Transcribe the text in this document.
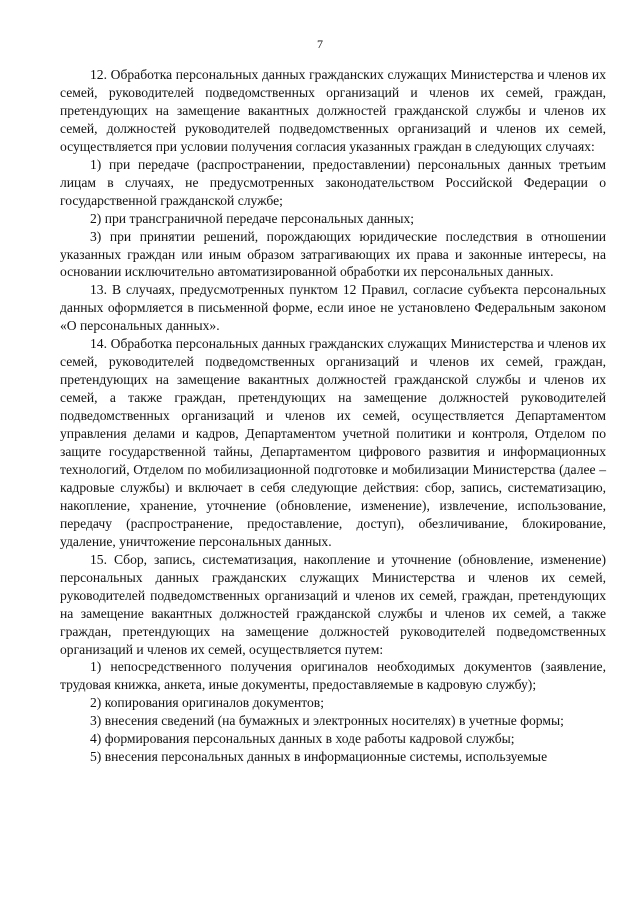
7

12. Обработка персональных данных гражданских служащих Министерства и членов их семей, руководителей подведомственных организаций и членов их семей, граждан, претендующих на замещение вакантных должностей гражданской службы и членов их семей, должностей руководителей подведомственных организаций и членов их семей, осуществляется при условии получения согласия указанных граждан в следующих случаях:

1) при передаче (распространении, предоставлении) персональных данных третьим лицам в случаях, не предусмотренных законодательством Российской Федерации о государственной гражданской службе;

2) при трансграничной передаче персональных данных;

3) при принятии решений, порождающих юридические последствия в отношении указанных граждан или иным образом затрагивающих их права и законные интересы, на основании исключительно автоматизированной обработки их персональных данных.

13. В случаях, предусмотренных пунктом 12 Правил, согласие субъекта персональных данных оформляется в письменной форме, если иное не установлено Федеральным законом «О персональных данных».

14. Обработка персональных данных гражданских служащих Министерства и членов их семей, руководителей подведомственных организаций и членов их семей, граждан, претендующих на замещение вакантных должностей гражданской службы и членов их семей, а также граждан, претендующих на замещение должностей руководителей подведомственных организаций и членов их семей, осуществляется Департаментом управления делами и кадров, Департаментом учетной политики и контроля, Отделом по защите государственной тайны, Департаментом цифрового развития и информационных технологий, Отделом по мобилизационной подготовке и мобилизации Министерства (далее – кадровые службы) и включает в себя следующие действия: сбор, запись, систематизацию, накопление, хранение, уточнение (обновление, изменение), извлечение, использование, передачу (распространение, предоставление, доступ), обезличивание, блокирование, удаление, уничтожение персональных данных.

15. Сбор, запись, систематизация, накопление и уточнение (обновление, изменение) персональных данных гражданских служащих Министерства и членов их семей, руководителей подведомственных организаций и членов их семей, граждан, претендующих на замещение вакантных должностей гражданской службы и членов их семей, а также граждан, претендующих на замещение должностей руководителей подведомственных организаций и членов их семей, осуществляется путем:

1) непосредственного получения оригиналов необходимых документов (заявление, трудовая книжка, анкета, иные документы, предоставляемые в кадровую службу);

2) копирования оригиналов документов;

3) внесения сведений (на бумажных и электронных носителях) в учетные формы;

4) формирования персональных данных в ходе работы кадровой службы;

5) внесения персональных данных в информационные системы, используемые
